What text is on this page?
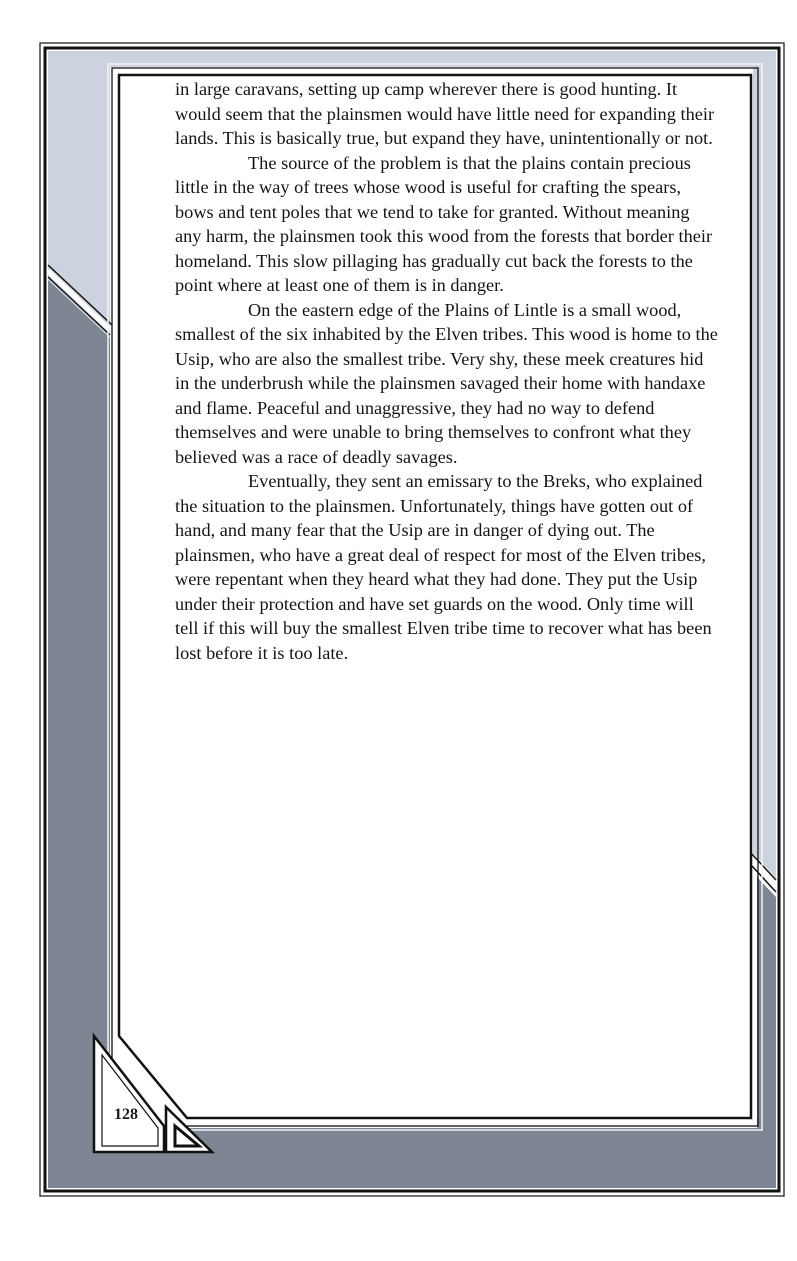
in large caravans, setting up camp wherever there is good hunting. It would seem that the plainsmen would have little need for expanding their lands. This is basically true, but expand they have, unintentionally or not.

The source of the problem is that the plains contain precious little in the way of trees whose wood is useful for crafting the spears, bows and tent poles that we tend to take for granted. Without meaning any harm, the plainsmen took this wood from the forests that border their homeland. This slow pillaging has gradually cut back the forests to the point where at least one of them is in danger.

On the eastern edge of the Plains of Lintle is a small wood, smallest of the six inhabited by the Elven tribes. This wood is home to the Usip, who are also the smallest tribe. Very shy, these meek creatures hid in the underbrush while the plainsmen savaged their home with handaxe and flame. Peaceful and unaggressive, they had no way to defend themselves and were unable to bring themselves to confront what they believed was a race of deadly savages.

Eventually, they sent an emissary to the Breks, who explained the situation to the plainsmen. Unfortunately, things have gotten out of hand, and many fear that the Usip are in danger of dying out. The plainsmen, who have a great deal of respect for most of the Elven tribes, were repentant when they heard what they had done. They put the Usip under their protection and have set guards on the wood. Only time will tell if this will buy the smallest Elven tribe time to recover what has been lost before it is too late.

128
